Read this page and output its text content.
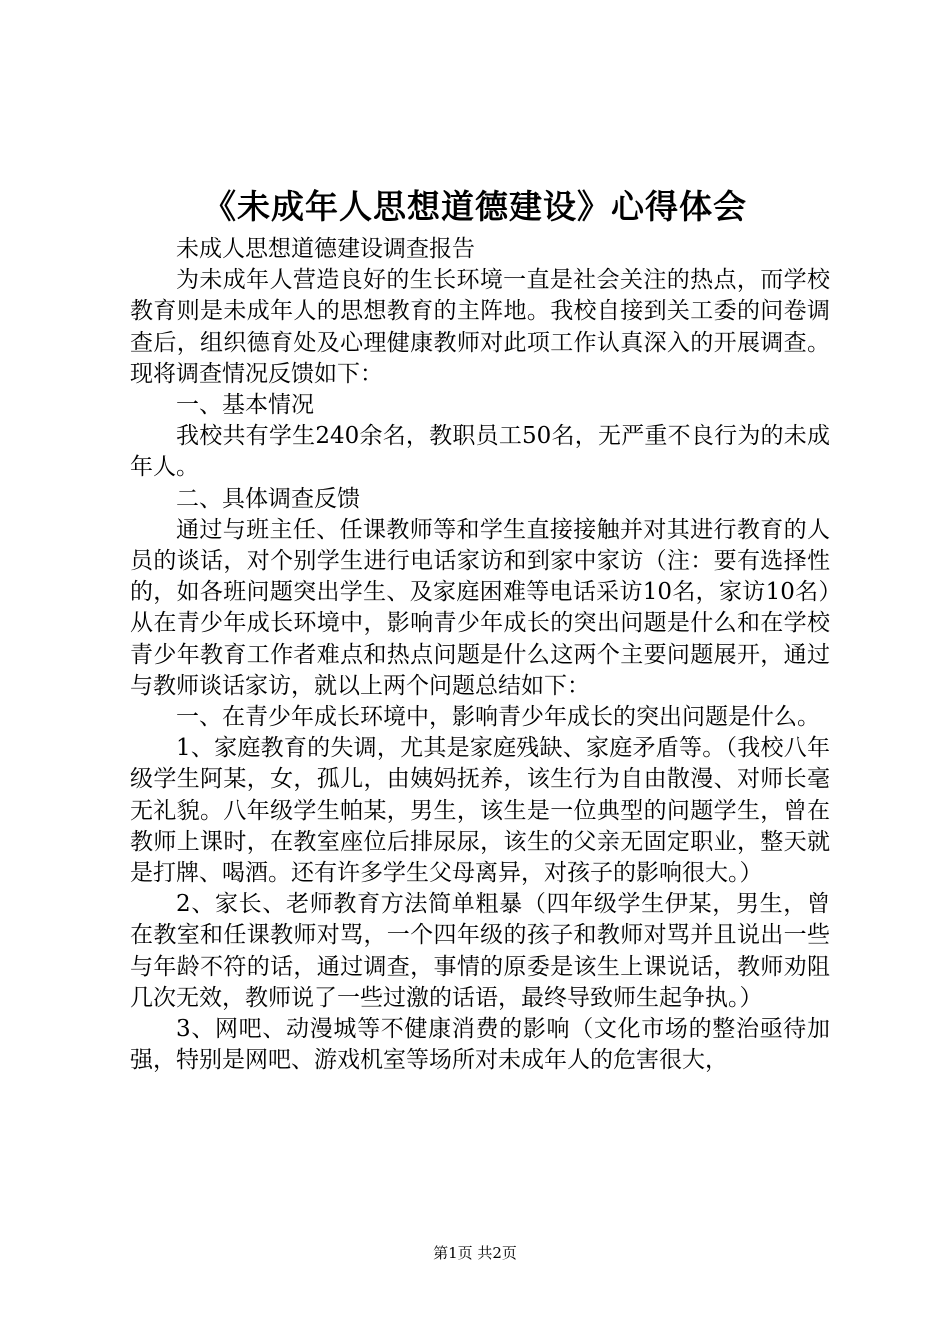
《未成年人思想道德建设》心得体会

未成人思想道德建设调查报告

为未成年人营造良好的生长环境一直是社会关注的热点，而学校教育则是未成年人的思想教育的主阵地。我校自接到关工委的问卷调查后，组织德育处及心理健康教师对此项工作认真深入的开展调查。现将调查情况反馈如下：

一、基本情况

我校共有学生240余名，教职员工50名，无严重不良行为的未成年人。

二、具体调查反馈

通过与班主任、任课教师等和学生直接接触并对其进行教育的人员的谈话，对个别学生进行电话家访和到家中家访（注：要有选择性的，如各班问题突出学生、及家庭困难等电话采访10名，家访10名）从在青少年成长环境中，影响青少年成长的突出问题是什么和在学校青少年教育工作者难点和热点问题是什么这两个主要问题展开，通过与教师谈话家访，就以上两个问题总结如下：

一、在青少年成长环境中，影响青少年成长的突出问题是什么。

1、家庭教育的失调，尤其是家庭残缺、家庭矛盾等。（我校八年级学生阿某，女，孤儿，由姨妈抚养，该生行为自由散漫、对师长毫无礼貌。八年级学生帕某，男生，该生是一位典型的问题学生，曾在教师上课时，在教室座位后排尿尿，该生的父亲无固定职业，整天就是打牌、喝酒。还有许多学生父母离异，对孩子的影响很大。）

2、家长、老师教育方法简单粗暴（四年级学生伊某，男生，曾在教室和任课教师对骂，一个四年级的孩子和教师对骂并且说出一些与年龄不符的话，通过调查，事情的原委是该生上课说话，教师劝阻几次无效，教师说了一些过激的话语，最终导致师生起争执。）

3、网吧、动漫城等不健康消费的影响（文化市场的整治亟待加强，特别是网吧、游戏机室等场所对未成年人的危害很大，

第1页 共2页
